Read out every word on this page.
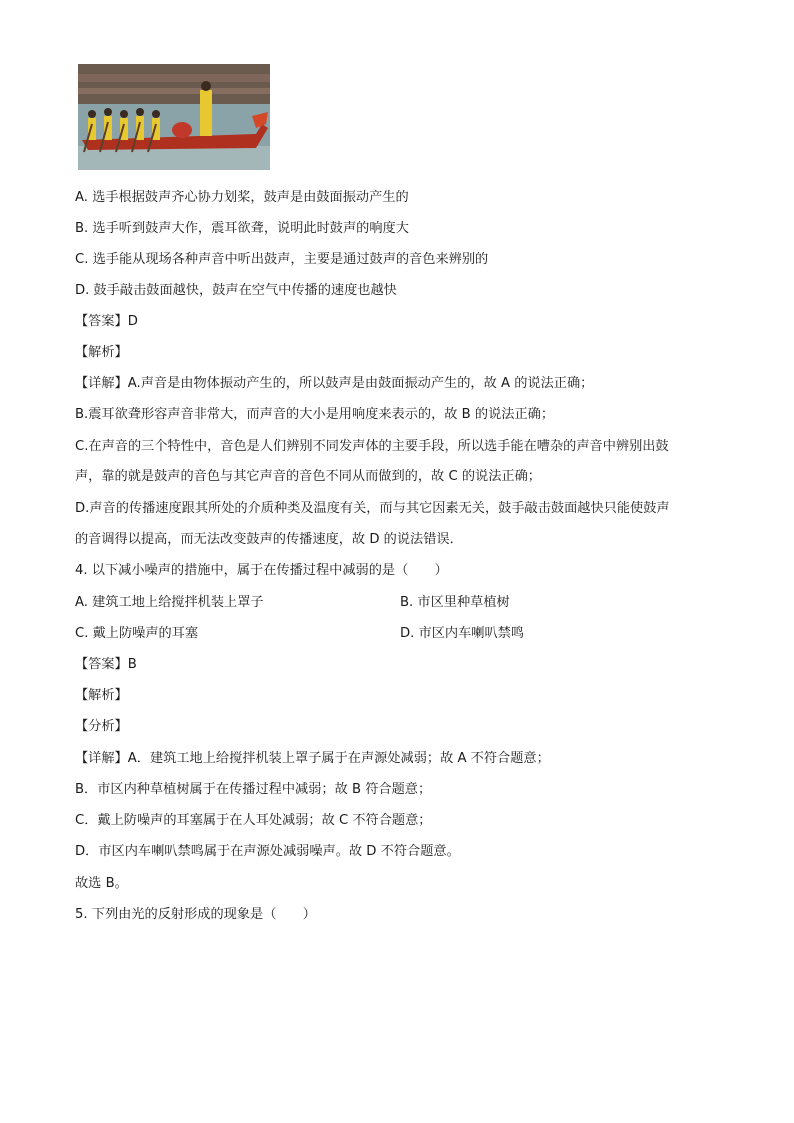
A. 选手根据鼓声齐心协力划桨，鼓声是由鼓面振动产生的
B. 选手听到鼓声大作，震耳欲聋，说明此时鼓声的响度大
C. 选手能从现场各种声音中听出鼓声，主要是通过鼓声的音色来辨别的
D. 鼓手敲击鼓面越快，鼓声在空气中传播的速度也越快
【答案】D
【解析】
【详解】A.声音是由物体振动产生的，所以鼓声是由鼓面振动产生的，故 A 的说法正确；
B.震耳欲聋形容声音非常大，而声音的大小是用响度来表示的，故 B 的说法正确；
C.在声音的三个特性中，音色是人们辨别不同发声体的主要手段，所以选手能在嘈杂的声音中辨别出鼓
声，靠的就是鼓声的音色与其它声音的音色不同从而做到的，故 C 的说法正确；
D.声音的传播速度跟其所处的介质种类及温度有关，而与其它因素无关，鼓手敲击鼓面越快只能使鼓声
的音调得以提高，而无法改变鼓声的传播速度，故 D 的说法错误．
4. 以下减小噪声的措施中，属于在传播过程中减弱的是（　　）
A. 建筑工地上给搅拌机装上罩子	B. 市区里种草植树
C. 戴上防噪声的耳塞	D. 市区内车喇叭禁鸣
【答案】B
【解析】
【分析】
【详解】A．建筑工地上给搅拌机装上罩子属于在声源处减弱；故 A 不符合题意；
B．市区内种草植树属于在传播过程中减弱；故 B 符合题意；
C．戴上防噪声的耳塞属于在人耳处减弱；故 C 不符合题意；
D．市区内车喇叭禁鸣属于在声源处减弱噪声。故 D 不符合题意。
故选 B。
5. 下列由光的反射形成的现象是（　　）
